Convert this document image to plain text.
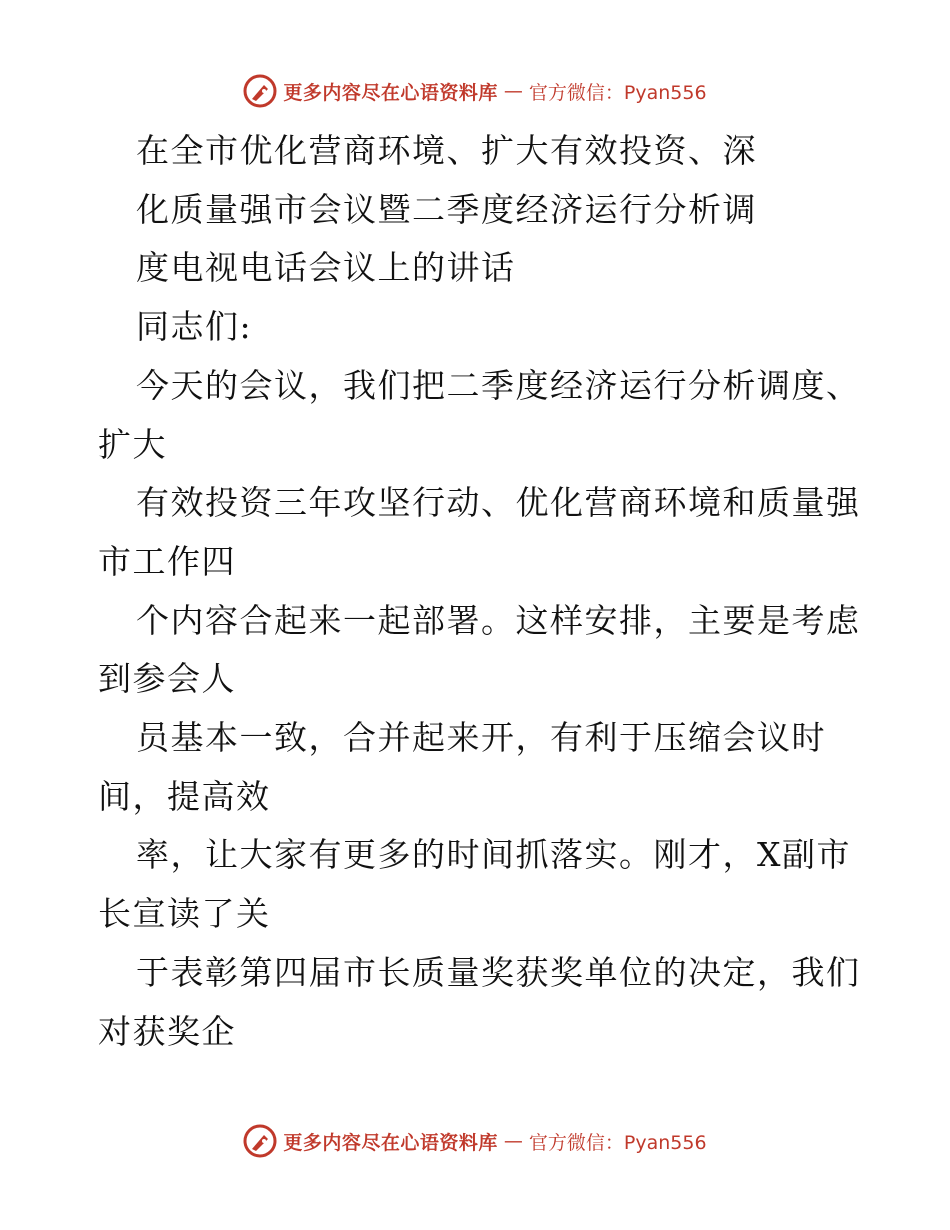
更多内容尽在心语资料库 — 官方微信：Pyan556
在全市优化营商环境、扩大有效投资、深
化质量强市会议暨二季度经济运行分析调
度电视电话会议上的讲话
同志们:
今天的会议，我们把二季度经济运行分析调度、
扩大
有效投资三年攻坚行动、优化营商环境和质量强
市工作四
个内容合起来一起部署。这样安排，主要是考虑
到参会人
员基本一致，合并起来开，有利于压缩会议时
间，提高效
率，让大家有更多的时间抓落实。刚才，X副市
长宣读了关
于表彰第四届市长质量奖获奖单位的决定，我们
对获奖企
更多内容尽在心语资料库 — 官方微信：Pyan556
